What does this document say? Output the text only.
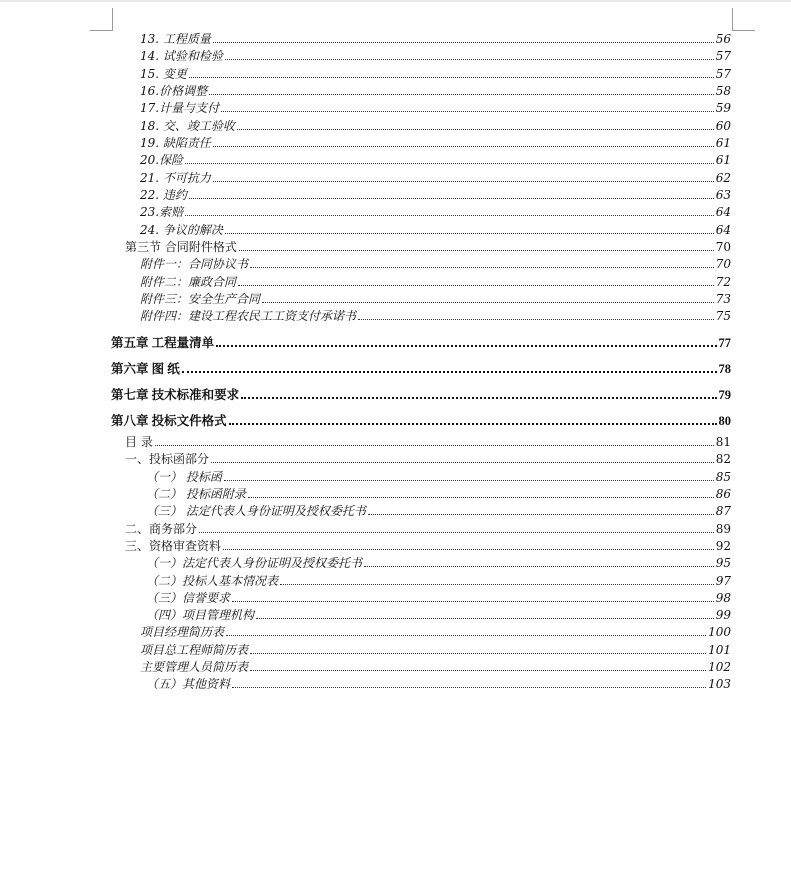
13. 工程质量	56
14. 试验和检验	57
15. 变更	57
16.价格调整	58
17.计量与支付	59
18. 交、竣工验收	60
19. 缺陷责任	61
20.保险	61
21. 不可抗力	62
22. 违约	63
23.索赔	64
24. 争议的解决	64
第三节 合同附件格式	70
附件一：合同协议书	70
附件二：廉政合同	72
附件三：安全生产合同	73
附件四：建设工程农民工工资支付承诺书	75
第五章 工程量清单	77
第六章 图 纸	78
第七章 技术标准和要求	79
第八章 投标文件格式	80
目 录	81
一、投标函部分	82
（一） 投标函	85
（二） 投标函附录	86
（三） 法定代表人身份证明及授权委托书	87
二、商务部分	89
三、资格审查资料	92
（一）法定代表人身份证明及授权委托书	95
（二）投标人基本情况表	97
（三）信誉要求	98
（四）项目管理机构	99
项目经理简历表	100
项目总工程师简历表	101
主要管理人员简历表	102
（五）其他资料	103
